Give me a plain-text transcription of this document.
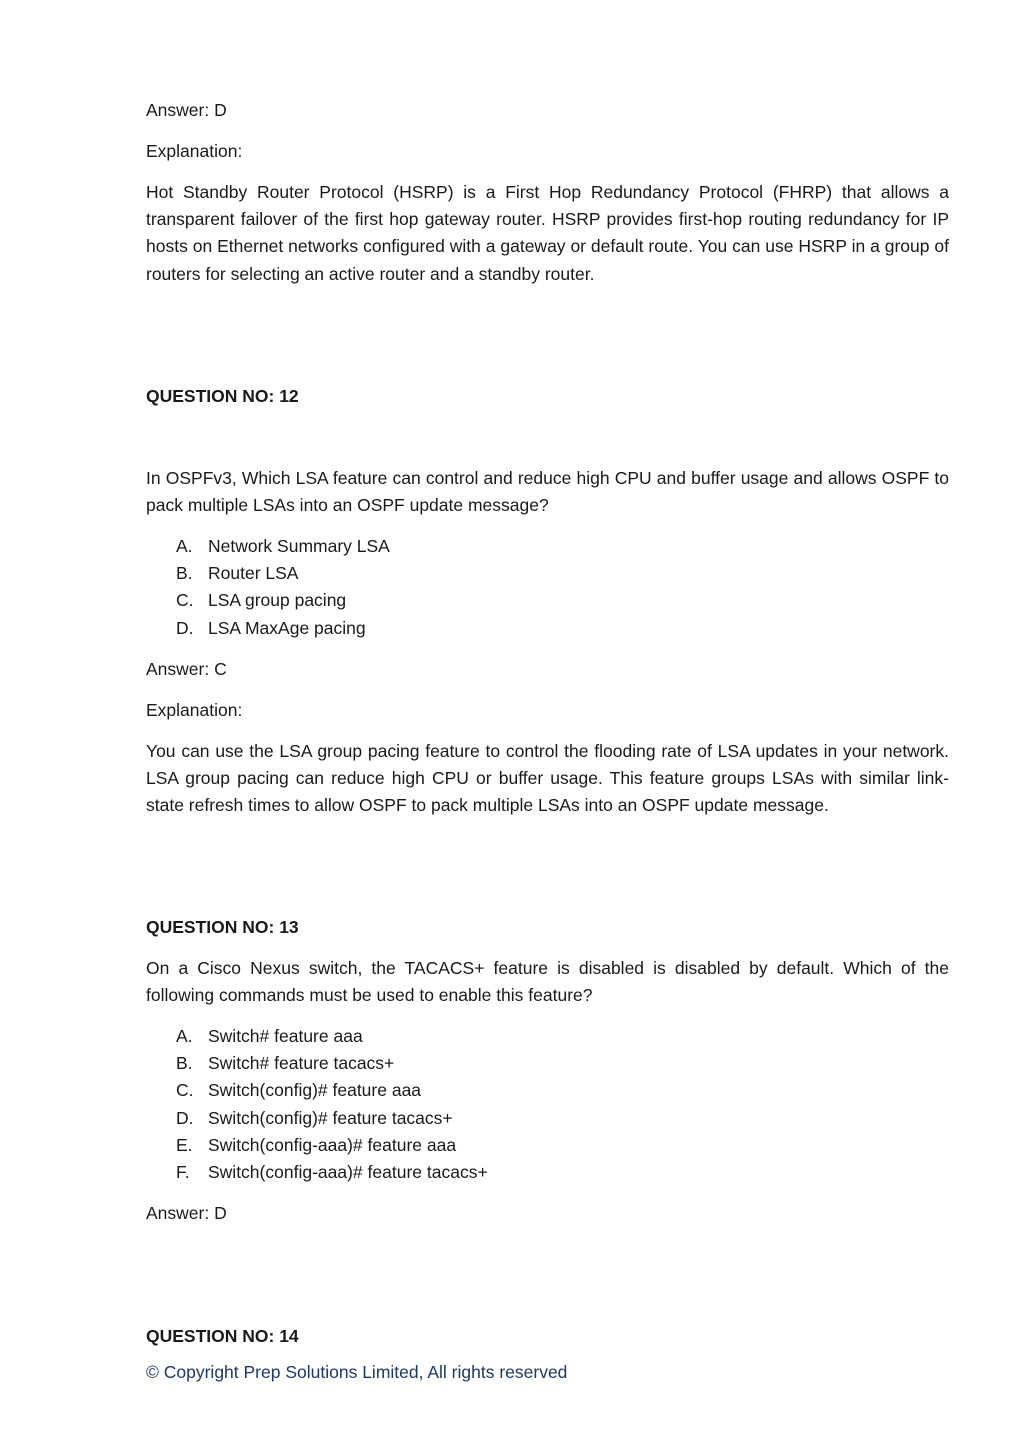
Answer: D

Explanation:

Hot Standby Router Protocol (HSRP) is a First Hop Redundancy Protocol (FHRP) that allows a transparent failover of the first hop gateway router. HSRP provides first-hop routing redundancy for IP hosts on Ethernet networks configured with a gateway or default route. You can use HSRP in a group of routers for selecting an active router and a standby router.

QUESTION NO: 12

In OSPFv3, Which LSA feature can control and reduce high CPU and buffer usage and allows OSPF to pack multiple LSAs into an OSPF update message?

A. Network Summary LSA
B. Router LSA
C. LSA group pacing
D. LSA MaxAge pacing

Answer: C

Explanation:

You can use the LSA group pacing feature to control the flooding rate of LSA updates in your network. LSA group pacing can reduce high CPU or buffer usage. This feature groups LSAs with similar link-state refresh times to allow OSPF to pack multiple LSAs into an OSPF update message.

QUESTION NO: 13

On a Cisco Nexus switch, the TACACS+ feature is disabled is disabled by default. Which of the following commands must be used to enable this feature?

A. Switch# feature aaa
B. Switch# feature tacacs+
C. Switch(config)# feature aaa
D. Switch(config)# feature tacacs+
E. Switch(config-aaa)# feature aaa
F.	Switch(config-aaa)# feature tacacs+

Answer: D

QUESTION NO: 14

© Copyright Prep Solutions Limited, All rights reserved
